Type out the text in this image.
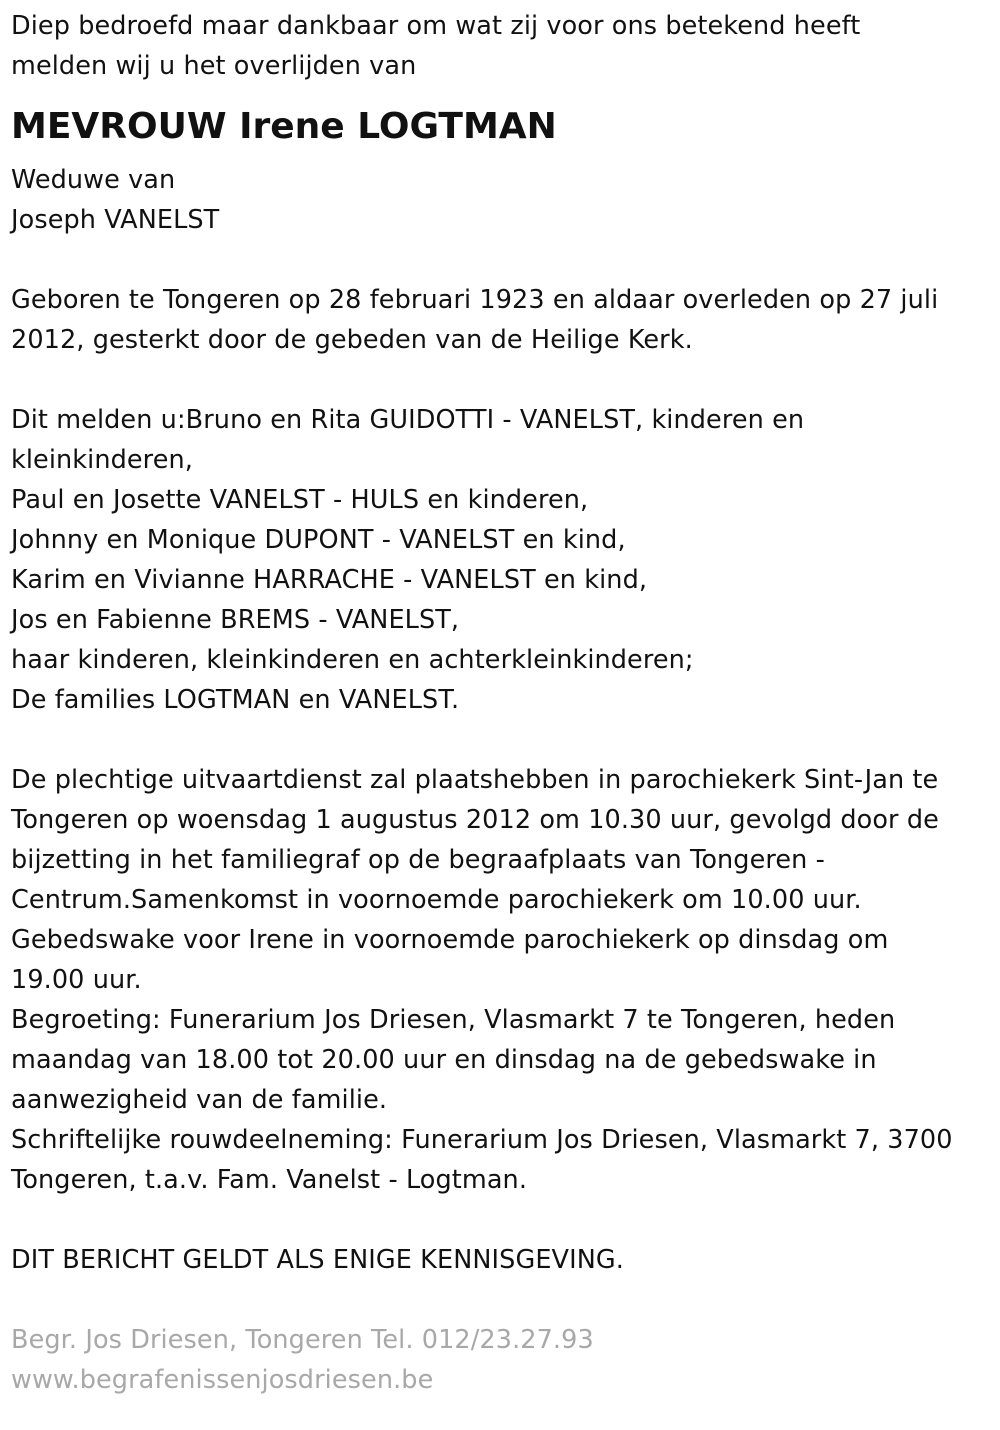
Diep bedroefd maar dankbaar om wat zij voor ons betekend heeft
melden wij u het overlijden van
MEVROUW Irene LOGTMAN
Weduwe van
Joseph VANELST
Geboren te Tongeren op 28 februari 1923 en aldaar overleden op 27 juli
2012, gesterkt door de gebeden van de Heilige Kerk.
Dit melden u:Bruno en Rita GUIDOTTI - VANELST, kinderen en
kleinkinderen,
Paul en Josette VANELST - HULS en kinderen,
Johnny en Monique DUPONT - VANELST en kind,
Karim en Vivianne HARRACHE - VANELST en kind,
Jos en Fabienne BREMS - VANELST,
haar kinderen, kleinkinderen en achterkleinkinderen;
De families LOGTMAN en VANELST.
De plechtige uitvaartdienst zal plaatshebben in parochiekerk Sint-Jan te
Tongeren op woensdag 1 augustus 2012 om 10.30 uur, gevolgd door de
bijzetting in het familiegraf op de begraafplaats van Tongeren -
Centrum.Samenkomst in voornoemde parochiekerk om 10.00 uur.
Gebedswake voor Irene in voornoemde parochiekerk op dinsdag om
19.00 uur.
Begroeting: Funerarium Jos Driesen, Vlasmarkt 7 te Tongeren, heden
maandag van 18.00 tot 20.00 uur en dinsdag na de gebedswake in
aanwezigheid van de familie.
Schriftelijke rouwdeelneming: Funerarium Jos Driesen, Vlasmarkt 7, 3700
Tongeren, t.a.v. Fam. Vanelst - Logtman.
DIT BERICHT GELDT ALS ENIGE KENNISGEVING.
Begr. Jos Driesen, Tongeren Tel. 012/23.27.93
www.begrafenissenjosdriesen.be
